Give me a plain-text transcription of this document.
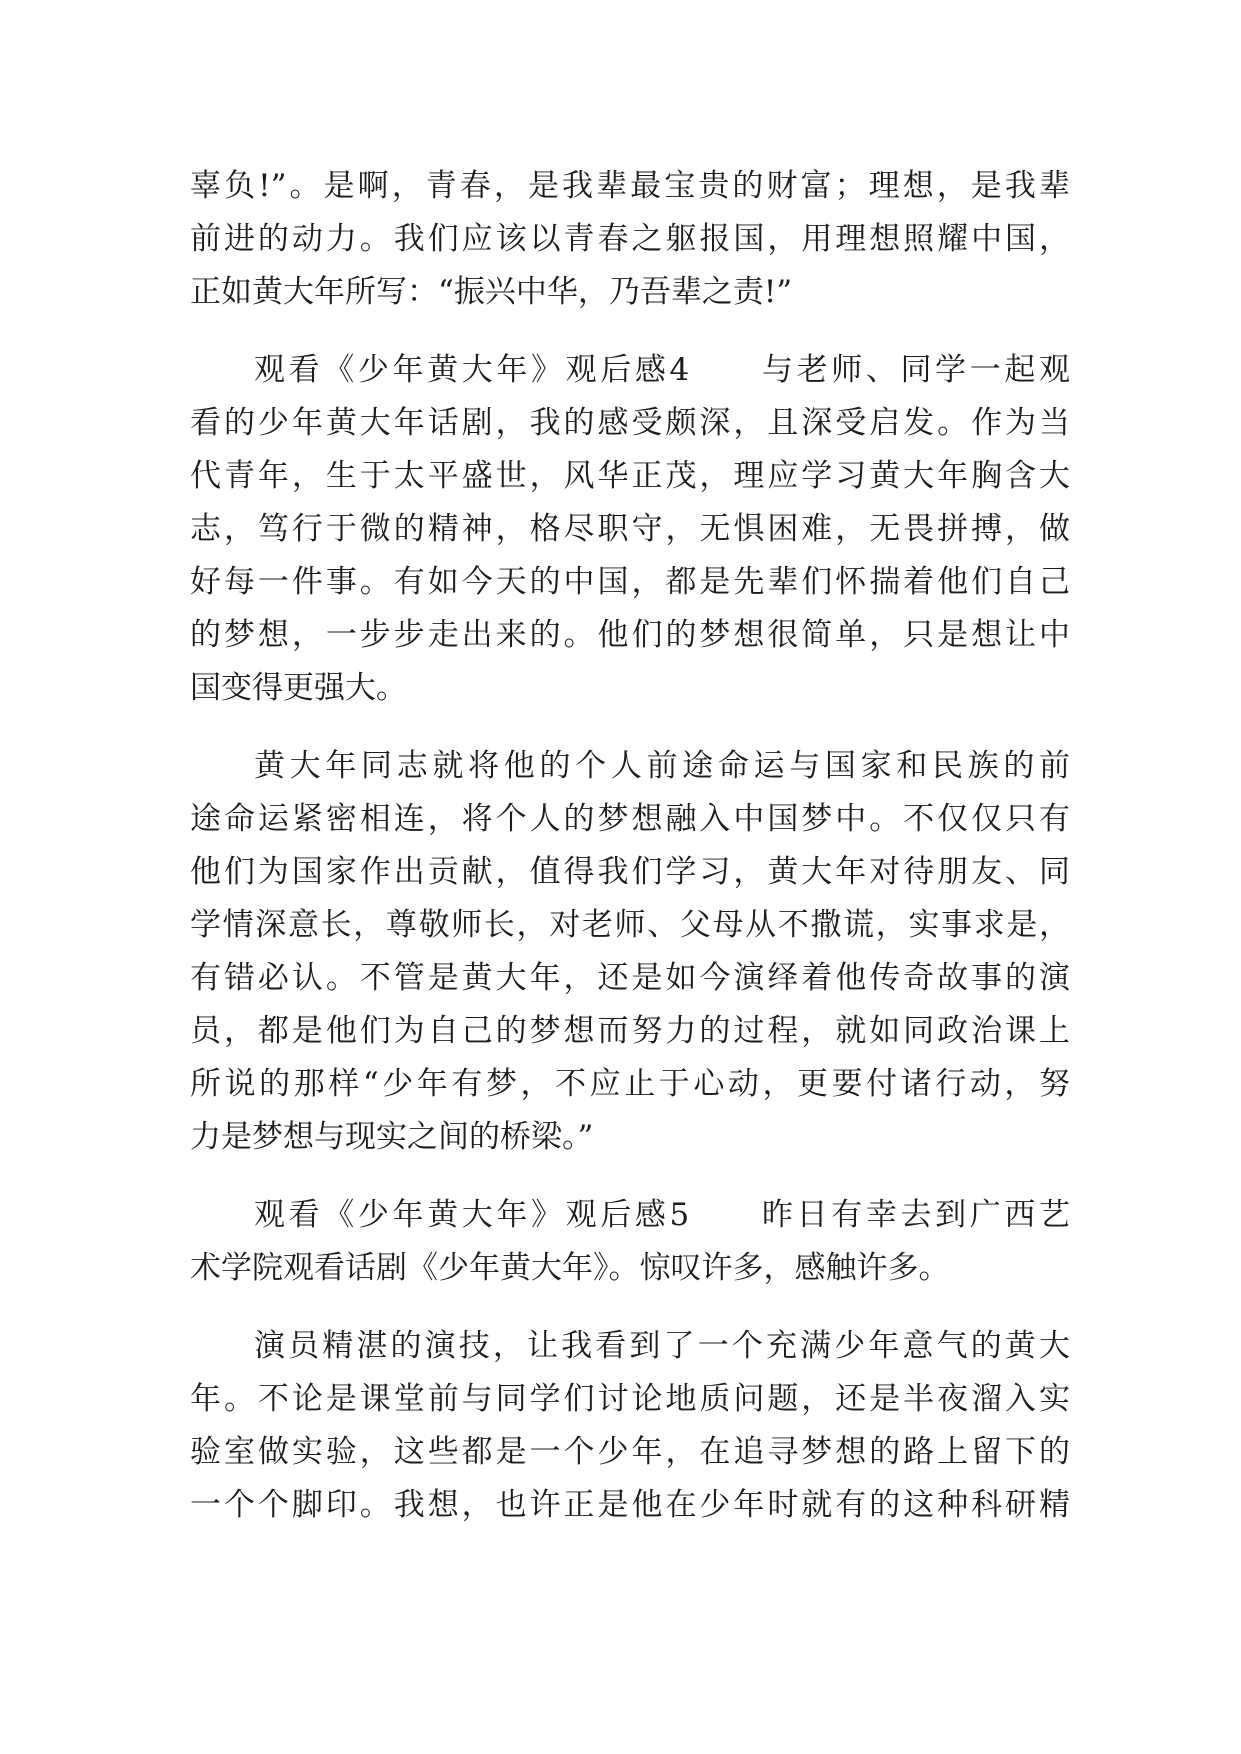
辜负!”。是啊，青春，是我辈最宝贵的财富；理想，是我辈

前进的动力。我们应该以青春之躯报国，用理想照耀中国，

正如黄大年所写：“振兴中华，乃吾辈之责!”

观看《少年黄大年》观后感4　　与老师、同学一起观

看的少年黄大年话剧，我的感受颇深，且深受启发。作为当

代青年，生于太平盛世，风华正茂，理应学习黄大年胸含大

志，笃行于微的精神，格尽职守，无惧困难，无畏拼搏，做

好每一件事。有如今天的中国，都是先辈们怀揣着他们自己

的梦想，一步步走出来的。他们的梦想很简单，只是想让中

国变得更强大。

黄大年同志就将他的个人前途命运与国家和民族的前

途命运紧密相连，将个人的梦想融入中国梦中。不仅仅只有

他们为国家作出贡献，值得我们学习，黄大年对待朋友、同

学情深意长，尊敬师长，对老师、父母从不撒谎，实事求是，

有错必认。不管是黄大年，还是如今演绎着他传奇故事的演

员，都是他们为自己的梦想而努力的过程，就如同政治课上

所说的那样“少年有梦，不应止于心动，更要付诸行动，努

力是梦想与现实之间的桥梁。”

观看《少年黄大年》观后感5　　昨日有幸去到广西艺

术学院观看话剧《少年黄大年》。惊叹许多，感触许多。

演员精湛的演技，让我看到了一个充满少年意气的黄大

年。不论是课堂前与同学们讨论地质问题，还是半夜溜入实

验室做实验，这些都是一个少年，在追寻梦想的路上留下的

一个个脚印。我想，也许正是他在少年时就有的这种科研精
